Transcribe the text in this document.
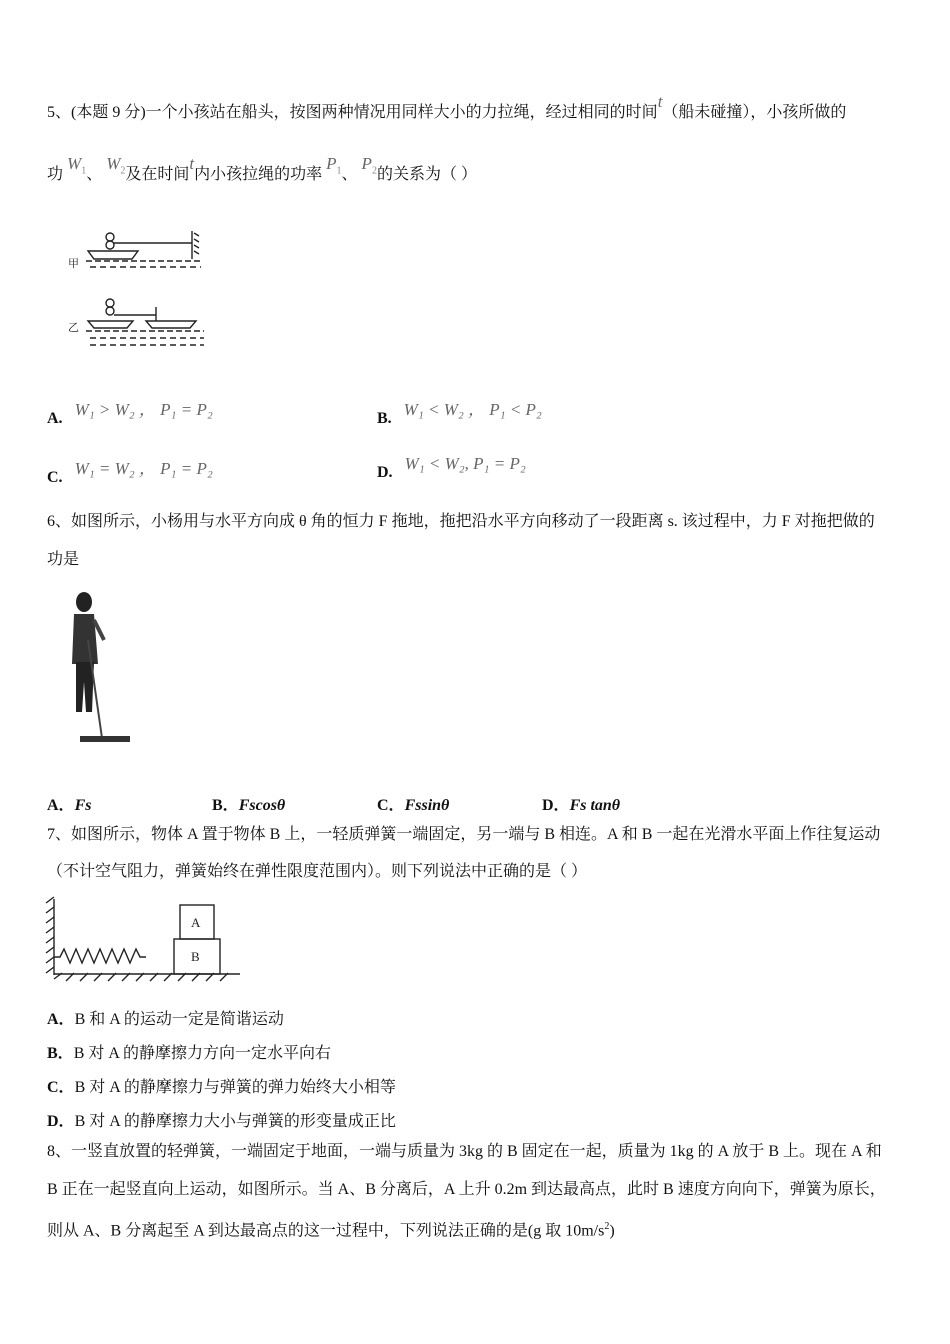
5、(本题 9 分)一个小孩站在船头，按图两种情况用同样大小的力拉绳，经过相同的时间t（船未碰撞），小孩所做的
功 $W_1$、 $W_2$及在时间t内小孩拉绳的功率 $P_1$、 $P_2$的关系为（ ）
甲
乙
A. W₁ > W₂ ， P₁ = P₂	B. W₁ < W₂ ， P₁ < P₂
C. W₁ = W₂ ， P₁ = P₂	D. W₁ < W₂, P₁ = P₂
6、如图所示，小杨用与水平方向成 θ 角的恒力 F 拖地，拖把沿水平方向移动了一段距离 s. 该过程中，力 F 对拖把做的
功是
A．Fs	B．Fscosθ	C．Fssinθ	D．Fs tanθ
7、如图所示，物体 A 置于物体 B 上，一轻质弹簧一端固定，另一端与 B 相连。A 和 B 一起在光滑水平面上作往复运动
（不计空气阻力，弹簧始终在弹性限度范围内）。则下列说法中正确的是（ ）
A
B
A．B 和 A 的运动一定是简谐运动
B．B 对 A 的静摩擦力方向一定水平向右
C．B 对 A 的静摩擦力与弹簧的弹力始终大小相等
D．B 对 A 的静摩擦力大小与弹簧的形变量成正比
8、一竖直放置的轻弹簧，一端固定于地面，一端与质量为 3kg 的 B 固定在一起，质量为 1kg 的 A 放于 B 上。现在 A 和
B 正在一起竖直向上运动，如图所示。当 A、B 分离后，A 上升 0.2m 到达最高点，此时 B 速度方向向下，弹簧为原长，
则从 A、B 分离起至 A 到达最高点的这一过程中，下列说法正确的是(g 取 $10m/s^2$)
